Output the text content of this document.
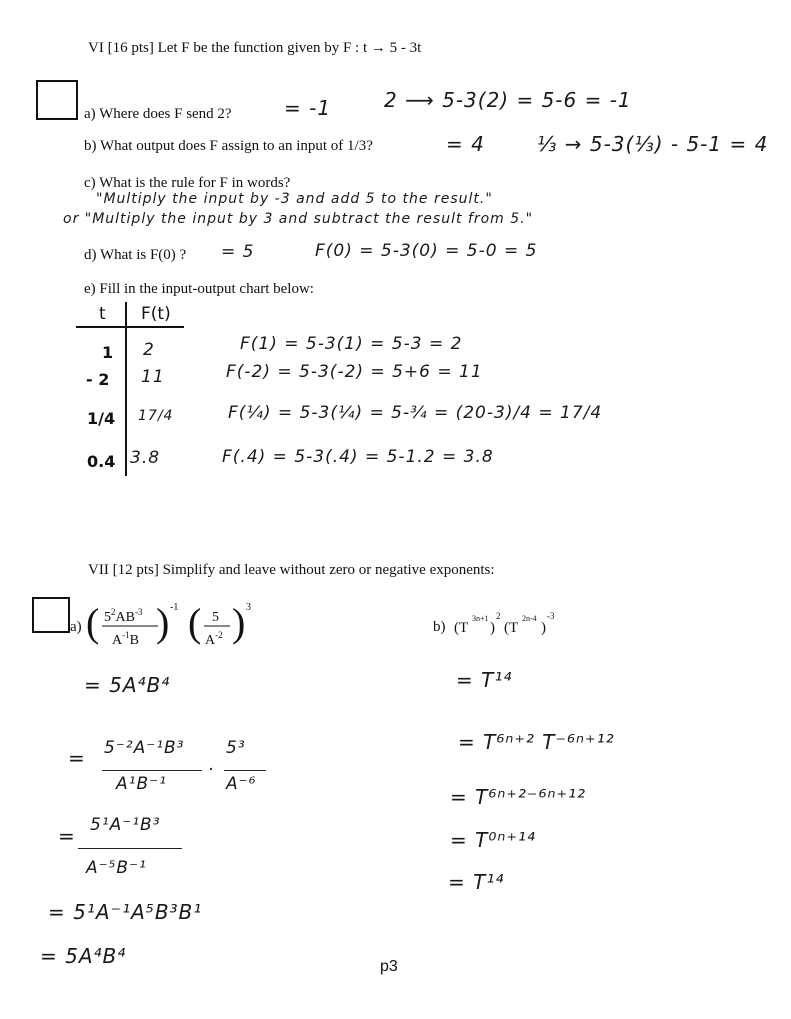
VI [16 pts] Let F be the function given by F : t → 5 - 3t
a) Where does F send 2?	= -1	2 ⟶ 5-3(2) = 5-6 = -1
b) What output does F assign to an input of 1/3?	= 4	⅓ → 5-3(⅓) - 5-1 = 4
c) What is the rule for F in words?
"Multiply the input by -3 and add 5 to the result."
or "Multiply the input by 3 and subtract the result from 5."
d) What is F(0) ? = 5	F(0) = 5-3(0) = 5-0 = 5
e) Fill in the input-output chart below:
t F(t)
1 2	F(1) = 5-3(1) = 5-3 = 2
- 2 11	F(-2) = 5-3(-2) = 5+6 = 11
1/4 17/4	F(¼) = 5-3(¼) = 5-¾ = (20-3)/4 = 17/4
0.4 3.8	F(.4) = 5-3(.4) = 5-1.2 = 3.8
VII [12 pts] Simplify and leave without zero or negative exponents:
a) ( $5^2AB^{-3}$
$A^{-1}B$ ) -1 ( 5
$A^{-2}$ ) 3
b) (T
3n+1
)
2
(T
2n-4
)
-3
= 5A⁴B⁴
= 5⁻²A⁻¹B³
A¹B⁻¹
·
5³
A⁻⁶
= 5¹A⁻¹B³
A⁻⁵B⁻¹
= 5¹A⁻¹A⁵B³B¹
= 5A⁴B⁴
= T¹⁴
= T⁶ⁿ⁺² T⁻⁶ⁿ⁺¹²
= T⁶ⁿ⁺²⁻⁶ⁿ⁺¹²
= T⁰ⁿ⁺¹⁴
= T¹⁴
p3
